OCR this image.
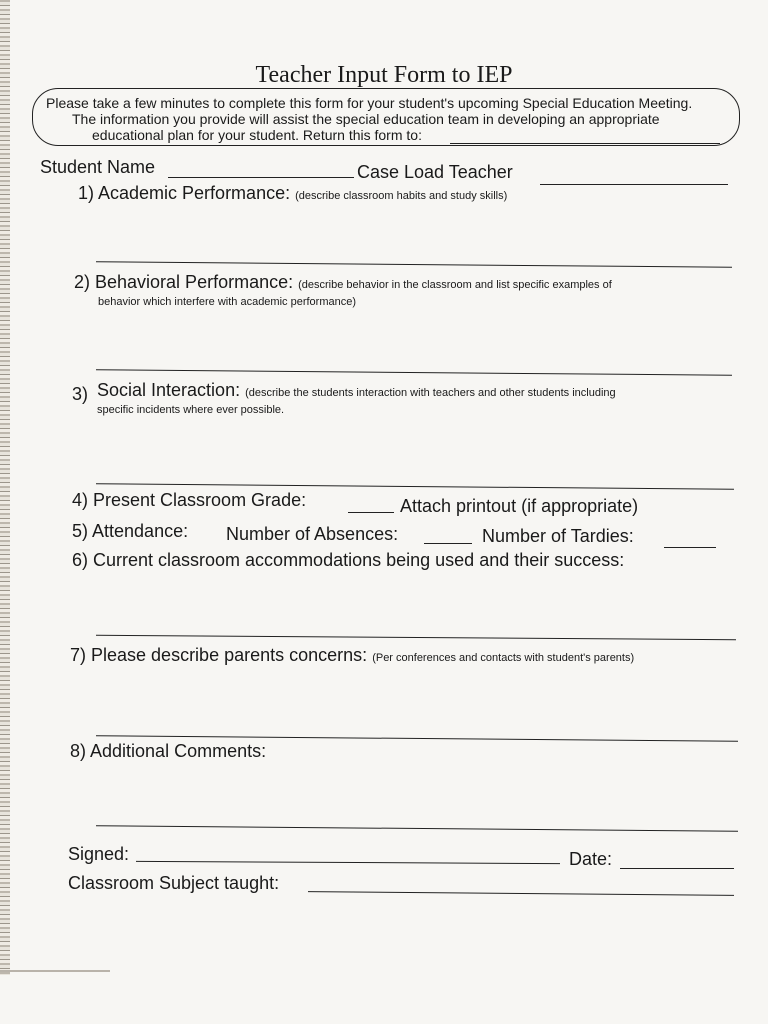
Teacher Input Form to IEP
Please take a few minutes to complete this form for your student's upcoming Special Education Meeting.
The information you provide will assist the special education team in developing an appropriate
educational plan for your student. Return this form to:
Student Name	Case Load Teacher
1) Academic Performance: (describe classroom habits and study skills)
2) Behavioral Performance: (describe behavior in the classroom and list specific examples of
behavior which interfere with academic performance)
3) Social Interaction: (describe the students interaction with teachers and other students including
specific incidents where ever possible.
4) Present Classroom Grade:	Attach printout (if appropriate)
5) Attendance: Number of Absences:	Number of Tardies:
6) Current classroom accommodations being used and their success:
7) Please describe parents concerns: (Per conferences and contacts with student's parents)
8) Additional Comments:
Signed:	Date:
Classroom Subject taught:
